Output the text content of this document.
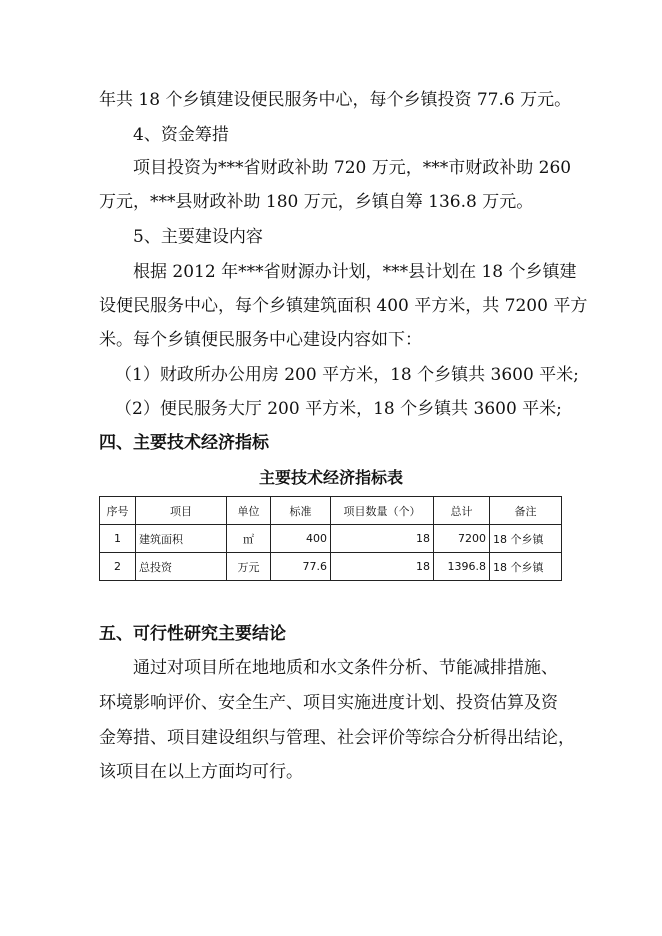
年共 18 个乡镇建设便民服务中心，每个乡镇投资 77.6 万元。
4、资金筹措
项目投资为***省财政补助 720 万元，***市财政补助 260
万元，***县财政补助 180 万元，乡镇自筹 136.8 万元。
5、主要建设内容
根据 2012 年***省财源办计划，***县计划在 18 个乡镇建
设便民服务中心，每个乡镇建筑面积 400 平方米，共 7200 平方
米。每个乡镇便民服务中心建设内容如下：
（1）财政所办公用房 200 平方米，18 个乡镇共 3600 平米;
（2）便民服务大厅 200 平方米，18 个乡镇共 3600 平米;
四、主要技术经济指标
主要技术经济指标表
序号	项目	单位	标准	项目数量（个）	总计	备注
1	建筑面积	㎡	400	18	7200	18 个乡镇
2	总投资	万元	77.6	18	1396.8	18 个乡镇
五、可行性研究主要结论
通过对项目所在地地质和水文条件分析、节能减排措施、
环境影响评价、安全生产、项目实施进度计划、投资估算及资
金筹措、项目建设组织与管理、社会评价等综合分析得出结论，
该项目在以上方面均可行。
